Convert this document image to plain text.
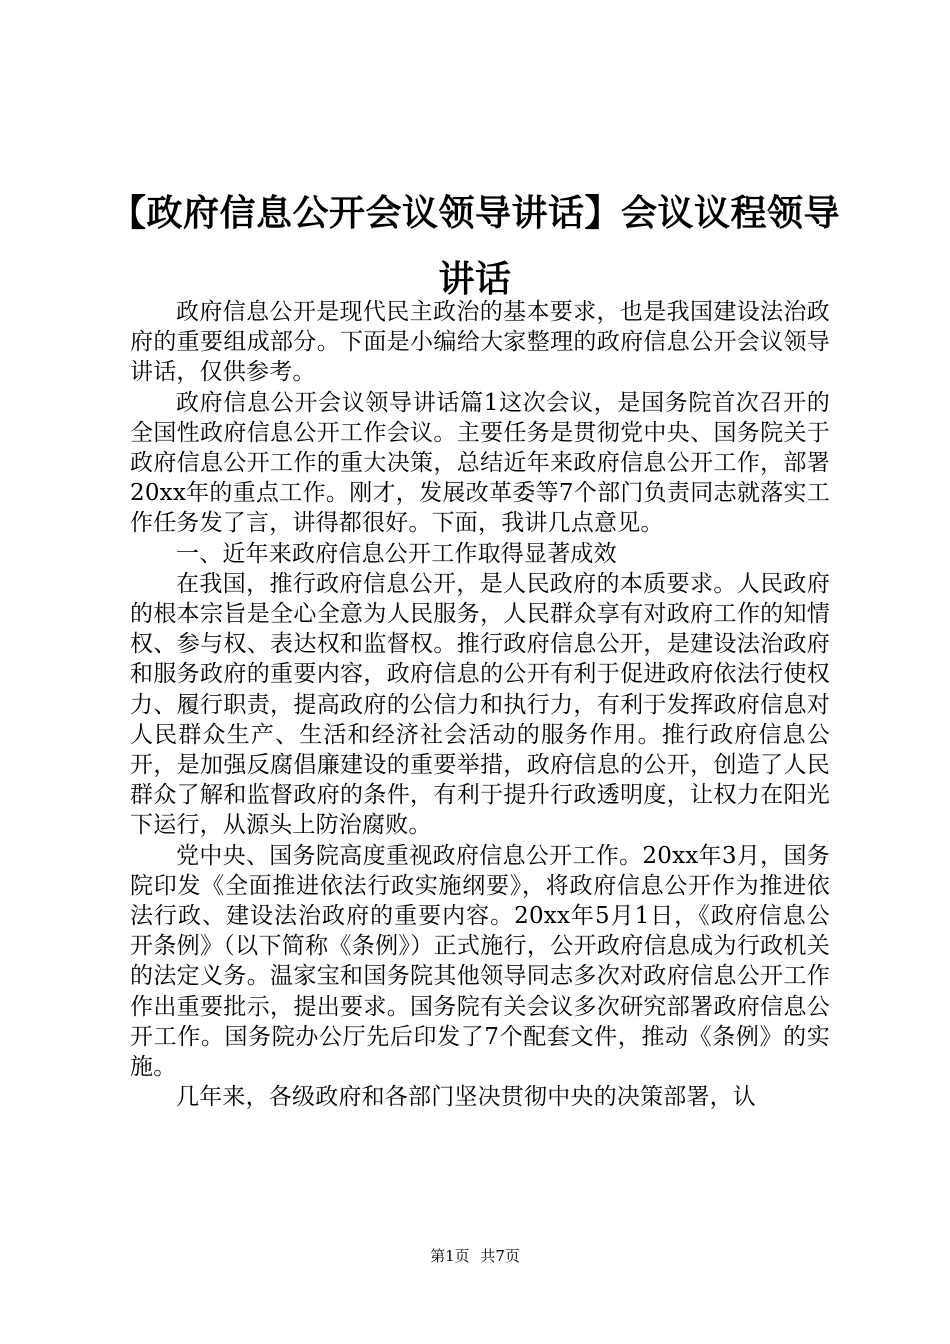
【政府信息公开会议领导讲话】会议议程领导讲话

政府信息公开是现代民主政治的基本要求，也是我国建设法治政府的重要组成部分。下面是小编给大家整理的政府信息公开会议领导讲话，仅供参考。

政府信息公开会议领导讲话篇1这次会议，是国务院首次召开的全国性政府信息公开工作会议。主要任务是贯彻党中央、国务院关于政府信息公开工作的重大决策，总结近年来政府信息公开工作，部署20xx年的重点工作。刚才，发展改革委等7个部门负责同志就落实工作任务发了言，讲得都很好。下面，我讲几点意见。

一、近年来政府信息公开工作取得显著成效

在我国，推行政府信息公开，是人民政府的本质要求。人民政府的根本宗旨是全心全意为人民服务，人民群众享有对政府工作的知情权、参与权、表达权和监督权。推行政府信息公开，是建设法治政府和服务政府的重要内容，政府信息的公开有利于促进政府依法行使权力、履行职责，提高政府的公信力和执行力，有利于发挥政府信息对人民群众生产、生活和经济社会活动的服务作用。推行政府信息公开，是加强反腐倡廉建设的重要举措，政府信息的公开，创造了人民群众了解和监督政府的条件，有利于提升行政透明度，让权力在阳光下运行，从源头上防治腐败。

党中央、国务院高度重视政府信息公开工作。20xx年3月，国务院印发《全面推进依法行政实施纲要》，将政府信息公开作为推进依法行政、建设法治政府的重要内容。20xx年5月1日，《政府信息公开条例》（以下简称《条例》）正式施行，公开政府信息成为行政机关的法定义务。温家宝和国务院其他领导同志多次对政府信息公开工作作出重要批示，提出要求。国务院有关会议多次研究部署政府信息公开工作。国务院办公厅先后印发了7个配套文件，推动《条例》的实施。

几年来，各级政府和各部门坚决贯彻中央的决策部署，认

第1页 共7页
